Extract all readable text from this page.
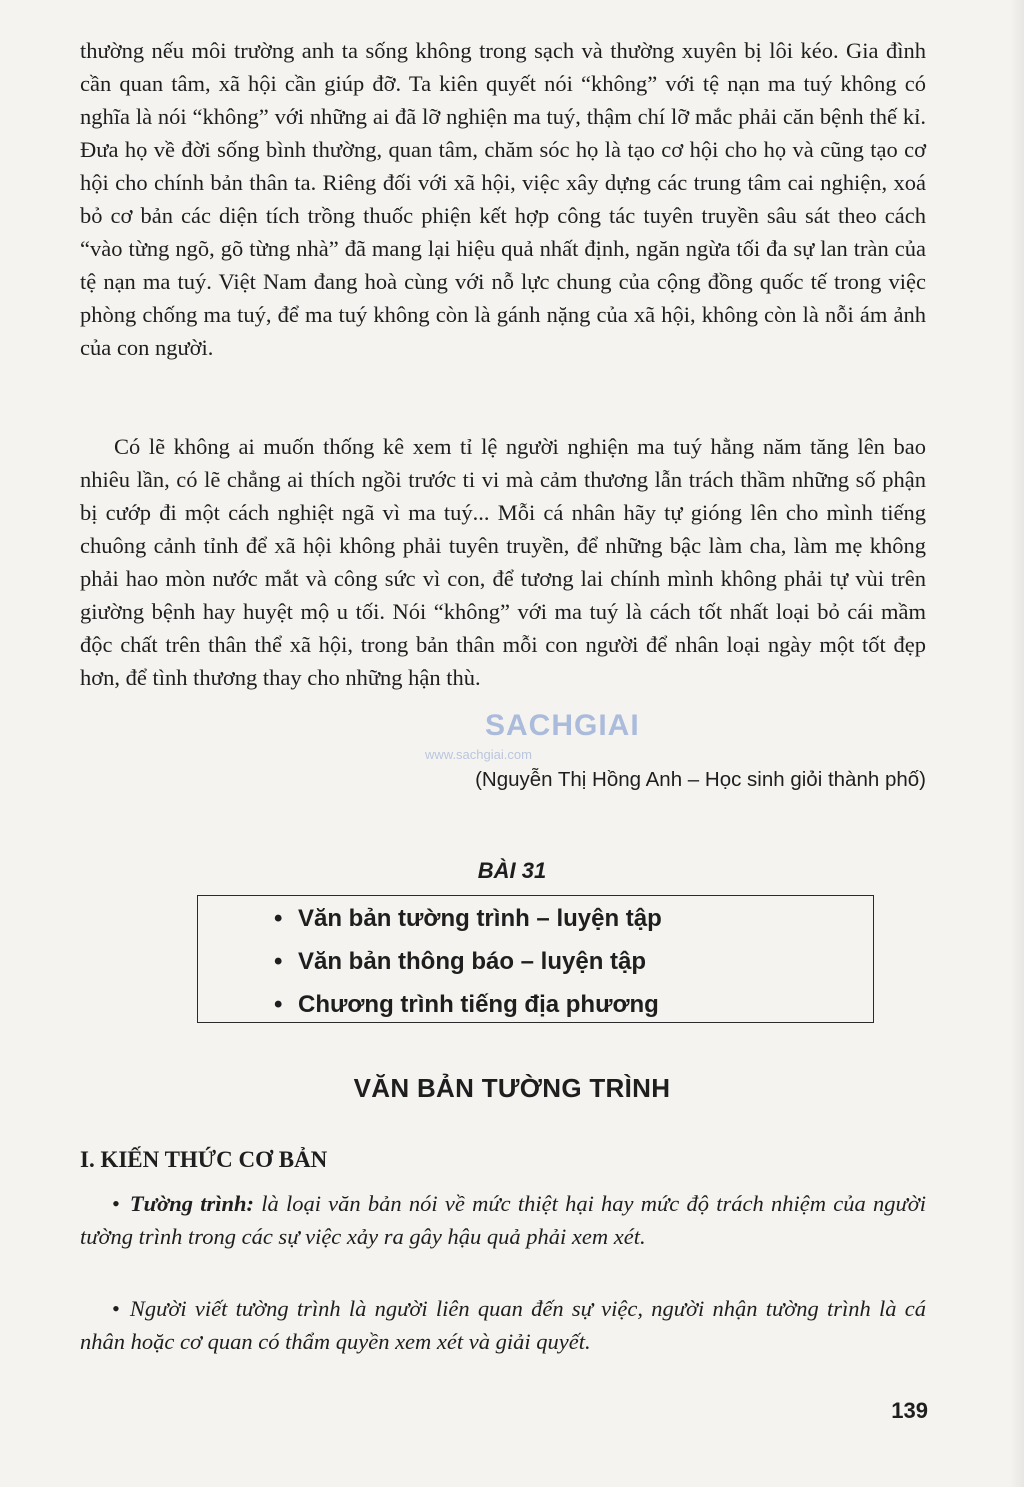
thường nếu môi trường anh ta sống không trong sạch và thường xuyên bị lôi kéo. Gia đình cần quan tâm, xã hội cần giúp đỡ. Ta kiên quyết nói “không” với tệ nạn ma tuý không có nghĩa là nói “không” với những ai đã lỡ nghiện ma tuý, thậm chí lỡ mắc phải căn bệnh thế kỉ. Đưa họ về đời sống bình thường, quan tâm, chăm sóc họ là tạo cơ hội cho họ và cũng tạo cơ hội cho chính bản thân ta. Riêng đối với xã hội, việc xây dựng các trung tâm cai nghiện, xoá bỏ cơ bản các diện tích trồng thuốc phiện kết hợp công tác tuyên truyền sâu sát theo cách “vào từng ngõ, gõ từng nhà” đã mang lại hiệu quả nhất định, ngăn ngừa tối đa sự lan tràn của tệ nạn ma tuý. Việt Nam đang hoà cùng với nỗ lực chung của cộng đồng quốc tế trong việc phòng chống ma tuý, để ma tuý không còn là gánh nặng của xã hội, không còn là nỗi ám ảnh của con người.

Có lẽ không ai muốn thống kê xem tỉ lệ người nghiện ma tuý hằng năm tăng lên bao nhiêu lần, có lẽ chẳng ai thích ngồi trước ti vi mà cảm thương lẫn trách thầm những số phận bị cướp đi một cách nghiệt ngã vì ma tuý... Mỗi cá nhân hãy tự gióng lên cho mình tiếng chuông cảnh tỉnh để xã hội không phải tuyên truyền, để những bậc làm cha, làm mẹ không phải hao mòn nước mắt và công sức vì con, để tương lai chính mình không phải tự vùi trên giường bệnh hay huyệt mộ u tối. Nói “không” với ma tuý là cách tốt nhất loại bỏ cái mầm độc chất trên thân thể xã hội, trong bản thân mỗi con người để nhân loại ngày một tốt đẹp hơn, để tình thương thay cho những hận thù.

(Nguyễn Thị Hồng Anh – Học sinh giỏi thành phố)

SACHGIAI
www.sachgiai.com
BÀI 31
• Văn bản tường trình – luyện tập
• Văn bản thông báo – luyện tập
• Chương trình tiếng địa phương
VĂN BẢN TƯỜNG TRÌNH
I. KIẾN THỨC CƠ BẢN

• Tường trình: là loại văn bản nói về mức thiệt hại hay mức độ trách nhiệm của người tường trình trong các sự việc xảy ra gây hậu quả phải xem xét.

• Người viết tường trình là người liên quan đến sự việc, người nhận tường trình là cá nhân hoặc cơ quan có thẩm quyền xem xét và giải quyết.

139
